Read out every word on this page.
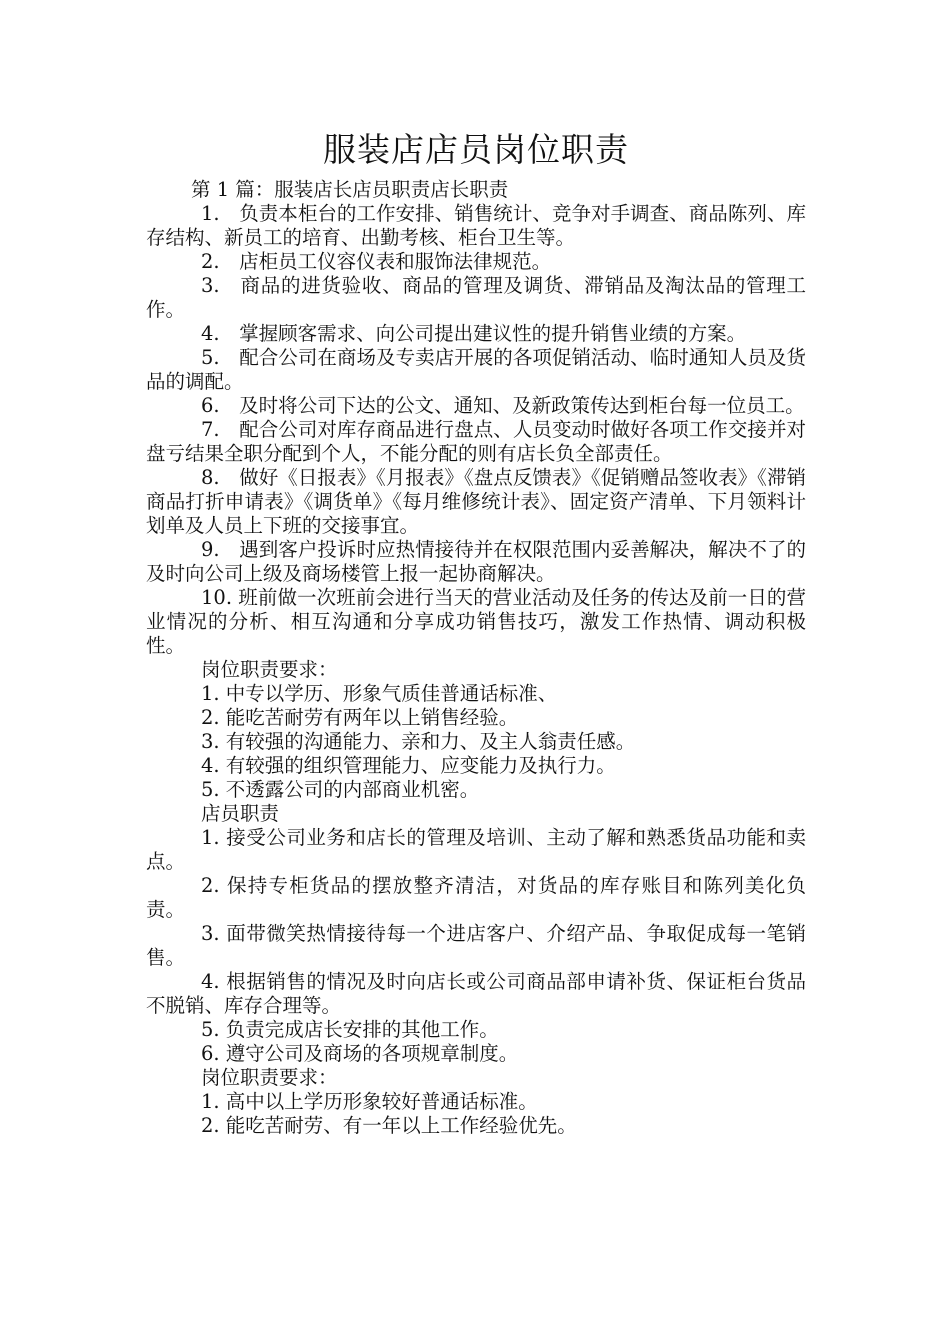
服装店店员岗位职责
第 1 篇：服装店长店员职责店长职责

1.　负责本柜台的工作安排、销售统计、竞争对手调查、商品陈列、库存结构、新员工的培育、出勤考核、柜台卫生等。

2.　店柜员工仪容仪表和服饰法律规范。

3.　商品的进货验收、商品的管理及调货、滞销品及淘汰品的管理工作。

4.　掌握顾客需求、向公司提出建议性的提升销售业绩的方案。

5.　配合公司在商场及专卖店开展的各项促销活动、临时通知人员及货品的调配。

6.　及时将公司下达的公文、通知、及新政策传达到柜台每一位员工。

7.　配合公司对库存商品进行盘点、人员变动时做好各项工作交接并对盘亏结果全职分配到个人，不能分配的则有店长负全部责任。

8.　做好《日报表》《月报表》《盘点反馈表》《促销赠品签收表》《滞销商品打折申请表》《调货单》《每月维修统计表》、固定资产清单、下月领料计划单及人员上下班的交接事宜。

9.　遇到客户投诉时应热情接待并在权限范围内妥善解决，解决不了的及时向公司上级及商场楼管上报一起协商解决。

10. 班前做一次班前会进行当天的营业活动及任务的传达及前一日的营业情况的分析、相互沟通和分享成功销售技巧，激发工作热情、调动积极性。

岗位职责要求：

1. 中专以学历、形象气质佳普通话标准、

2. 能吃苦耐劳有两年以上销售经验。

3. 有较强的沟通能力、亲和力、及主人翁责任感。

4. 有较强的组织管理能力、应变能力及执行力。

5. 不透露公司的内部商业机密。

店员职责

1. 接受公司业务和店长的管理及培训、主动了解和熟悉货品功能和卖点。

2. 保持专柜货品的摆放整齐清洁，对货品的库存账目和陈列美化负责。

3. 面带微笑热情接待每一个进店客户、介绍产品、争取促成每一笔销售。

4. 根据销售的情况及时向店长或公司商品部申请补货、保证柜台货品不脱销、库存合理等。

5. 负责完成店长安排的其他工作。

6. 遵守公司及商场的各项规章制度。

岗位职责要求：

1. 高中以上学历形象较好普通话标准。

2. 能吃苦耐劳、有一年以上工作经验优先。
